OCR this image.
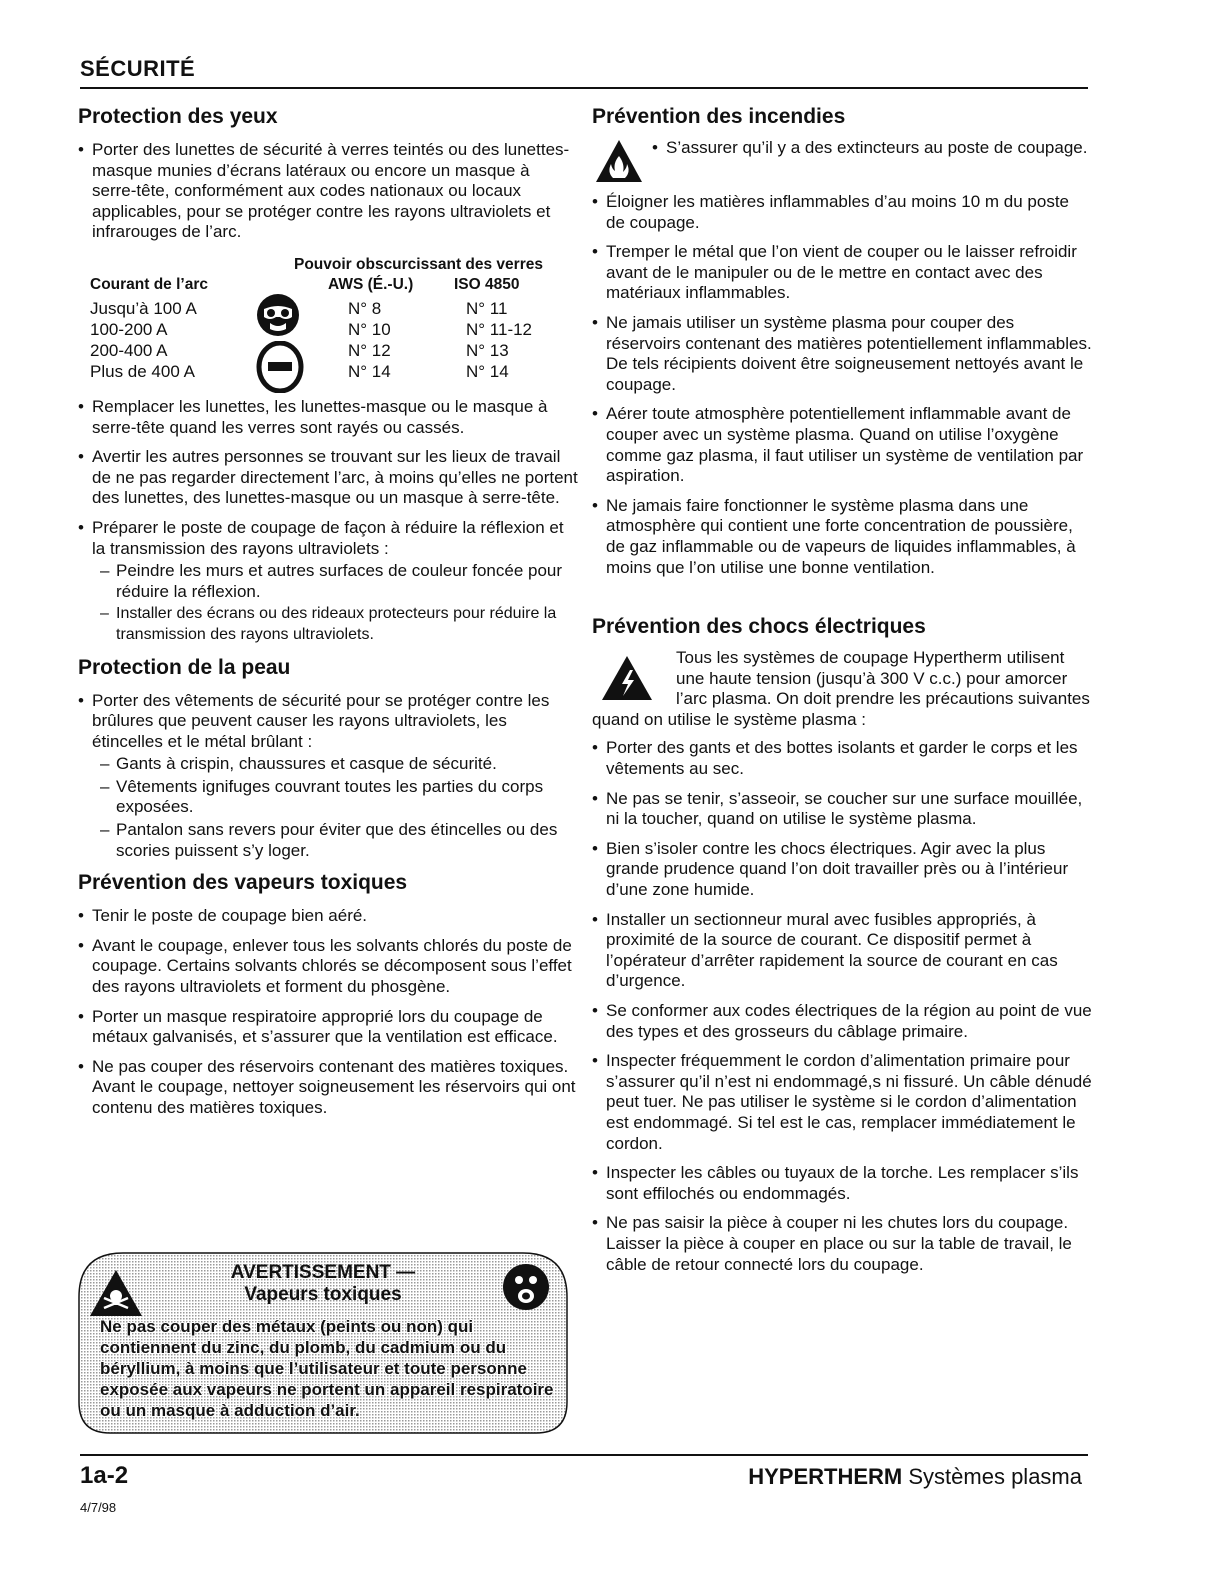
SÉCURITÉ
Protection des yeux
• Porter des lunettes de sécurité à verres teintés ou des lunettes-masque munies d’écrans latéraux ou encore un masque à serre-tête, conformément aux codes nationaux ou locaux applicables, pour se protéger contre les rayons ultraviolets et infrarouges de l’arc.
Pouvoir obscurcissant des verres
Courant de l’arc	AWS (É.-U.)	ISO 4850
Jusqu’à 100 A	N° 8	N° 11
100-200 A	N° 10	N° 11-12
200-400 A	N° 12	N° 13
Plus de 400 A	N° 14	N° 14
• Remplacer les lunettes, les lunettes-masque ou le masque à serre-tête quand les verres sont rayés ou cassés.
• Avertir les autres personnes se trouvant sur les lieux de travail de ne pas regarder directement l’arc, à moins qu’elles ne portent des lunettes, des lunettes-masque ou un masque à serre-tête.
• Préparer le poste de coupage de façon à réduire la réflexion et la transmission des rayons ultraviolets :
– Peindre les murs et autres surfaces de couleur foncée pour réduire la réflexion.
– Installer des écrans ou des rideaux protecteurs pour réduire la transmission des rayons ultraviolets.
Protection de la peau
• Porter des vêtements de sécurité pour se protéger contre les brûlures que peuvent causer les rayons ultraviolets, les étincelles et le métal brûlant :
– Gants à crispin, chaussures et casque de sécurité.
– Vêtements ignifuges couvrant toutes les parties du corps exposées.
– Pantalon sans revers pour éviter que des étincelles ou des scories puissent s’y loger.
Prévention des vapeurs toxiques
• Tenir le poste de coupage bien aéré.
• Avant le coupage, enlever tous les solvants chlorés du poste de coupage. Certains solvants chlorés se décomposent sous l’effet des rayons ultraviolets et forment du phosgène.
• Porter un masque respiratoire approprié lors du coupage de métaux galvanisés, et s’assurer que la ventilation est efficace.
• Ne pas couper des réservoirs contenant des matières toxiques. Avant le coupage, nettoyer soigneusement les réservoirs qui ont contenu des matières toxiques.
AVERTISSEMENT —
Vapeurs toxiques
Ne pas couper des métaux (peints ou non) qui contiennent du zinc, du plomb, du cadmium ou du béryllium, à moins que l’utilisateur et toute personne exposée aux vapeurs ne portent un appareil respiratoire ou un masque à adduction d’air.
Prévention des incendies
• S’assurer qu’il y a des extincteurs au poste de coupage.
• Éloigner les matières inflammables d’au moins 10 m du poste de coupage.
• Tremper le métal que l’on vient de couper ou le laisser refroidir avant de le manipuler ou de le mettre en contact avec des matériaux inflammables.
• Ne jamais utiliser un système plasma pour couper des réservoirs contenant des matières potentiellement inflammables. De tels récipients doivent être soigneusement nettoyés avant le coupage.
• Aérer toute atmosphère potentiellement inflammable avant de couper avec un système plasma. Quand on utilise l’oxygène comme gaz plasma, il faut utiliser un système de ventilation par aspiration.
• Ne jamais faire fonctionner le système plasma dans une atmosphère qui contient une forte concentration de poussière, de gaz inflammable ou de vapeurs de liquides inflammables, à moins que l’on utilise une bonne ventilation.
Prévention des chocs électriques
Tous les systèmes de coupage Hypertherm utilisent une haute tension (jusqu’à 300 V c.c.) pour amorcer l’arc plasma. On doit prendre les précautions suivantes quand on utilise le système plasma :
• Porter des gants et des bottes isolants et garder le corps et les vêtements au sec.
• Ne pas se tenir, s’asseoir, se coucher sur une surface mouillée, ni la toucher, quand on utilise le système plasma.
• Bien s’isoler contre les chocs électriques. Agir avec la plus grande prudence quand l’on doit travailler près ou à l’intérieur d’une zone humide.
• Installer un sectionneur mural avec fusibles appropriés, à proximité de la source de courant. Ce dispositif permet à l’opérateur d’arrêter rapidement la source de courant en cas d’urgence.
• Se conformer aux codes électriques de la région au point de vue des types et des grosseurs du câblage primaire.
• Inspecter fréquemment le cordon d’alimentation primaire pour s’assurer qu’il n’est ni endommagé,s ni fissuré. Un câble dénudé peut tuer. Ne pas utiliser le système si le cordon d’alimentation est endommagé. Si tel est le cas, remplacer immédiatement le cordon.
• Inspecter les câbles ou tuyaux de la torche. Les remplacer s’ils sont effilochés ou endommagés.
• Ne pas saisir la pièce à couper ni les chutes lors du coupage. Laisser la pièce à couper en place ou sur la table de travail, le câble de retour connecté lors du coupage.
1a-2
4/7/98
HYPERTHERM Systèmes plasma
